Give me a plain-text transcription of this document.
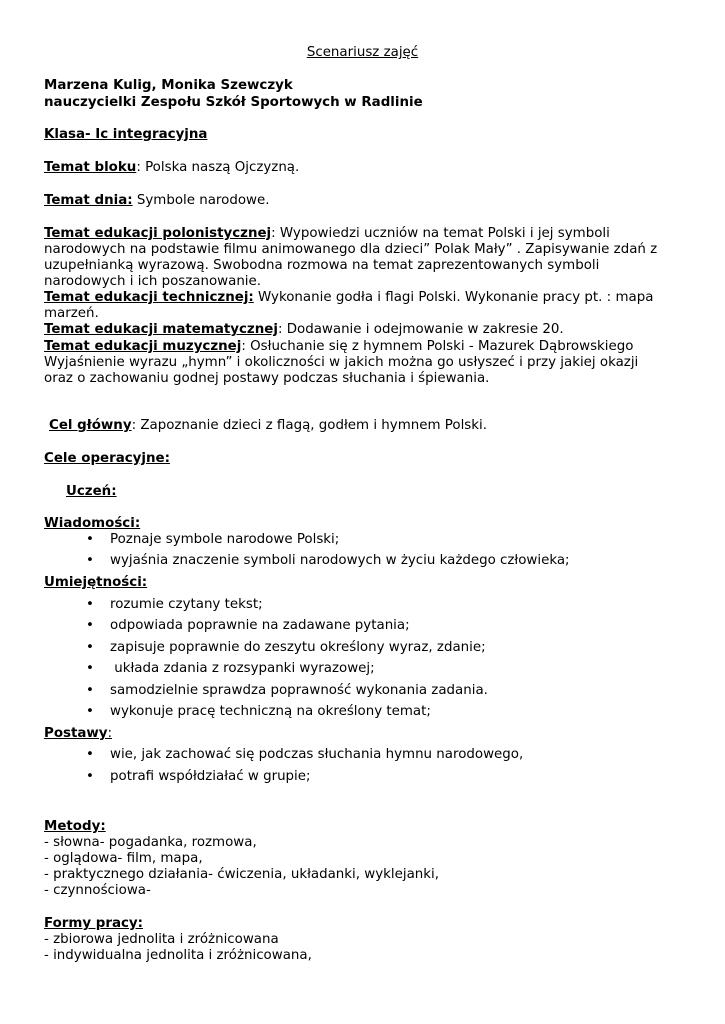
Scenariusz zajęć
Marzena Kulig, Monika Szewczyk
nauczycielki Zespołu Szkół Sportowych w Radlinie
Klasa- Ic integracyjna
Temat bloku: Polska naszą Ojczyzną.
Temat dnia: Symbole narodowe.
Temat edukacji polonistycznej: Wypowiedzi uczniów na temat Polski i jej symboli
narodowych na podstawie filmu animowanego dla dzieci” Polak Mały” . Zapisywanie zdań z
uzupełnianką wyrazową. Swobodna rozmowa na temat zaprezentowanych symboli
narodowych i ich poszanowanie.
Temat edukacji technicznej: Wykonanie godła i flagi Polski. Wykonanie pracy pt. : mapa
marzeń.
Temat edukacji matematycznej: Dodawanie i odejmowanie w zakresie 20.
Temat edukacji muzycznej: Osłuchanie się z hymnem Polski - Mazurek Dąbrowskiego
Wyjaśnienie wyrazu „hymn” i okoliczności w jakich można go usłyszeć i przy jakiej okazji
oraz o zachowaniu godnej postawy podczas słuchania i śpiewania.
Cel główny: Zapoznanie dzieci z flagą, godłem i hymnem Polski.
Cele operacyjne:
Uczeń:
Wiadomości:
• Poznaje symbole narodowe Polski;
• wyjaśnia znaczenie symboli narodowych w życiu każdego człowieka;
Umiejętności:
• rozumie czytany tekst;
• odpowiada poprawnie na zadawane pytania;
• zapisuje poprawnie do zeszytu określony wyraz, zdanie;
• układa zdania z rozsypanki wyrazowej;
• samodzielnie sprawdza poprawność wykonania zadania.
• wykonuje pracę techniczną na określony temat;
Postawy:
• wie, jak zachować się podczas słuchania hymnu narodowego,
• potrafi współdziałać w grupie;
Metody:
- słowna- pogadanka, rozmowa,
- oglądowa- film, mapa,
- praktycznego działania- ćwiczenia, układanki, wyklejanki,
- czynnościowa-
Formy pracy:
- zbiorowa jednolita i zróżnicowana
- indywidualna jednolita i zróżnicowana,
